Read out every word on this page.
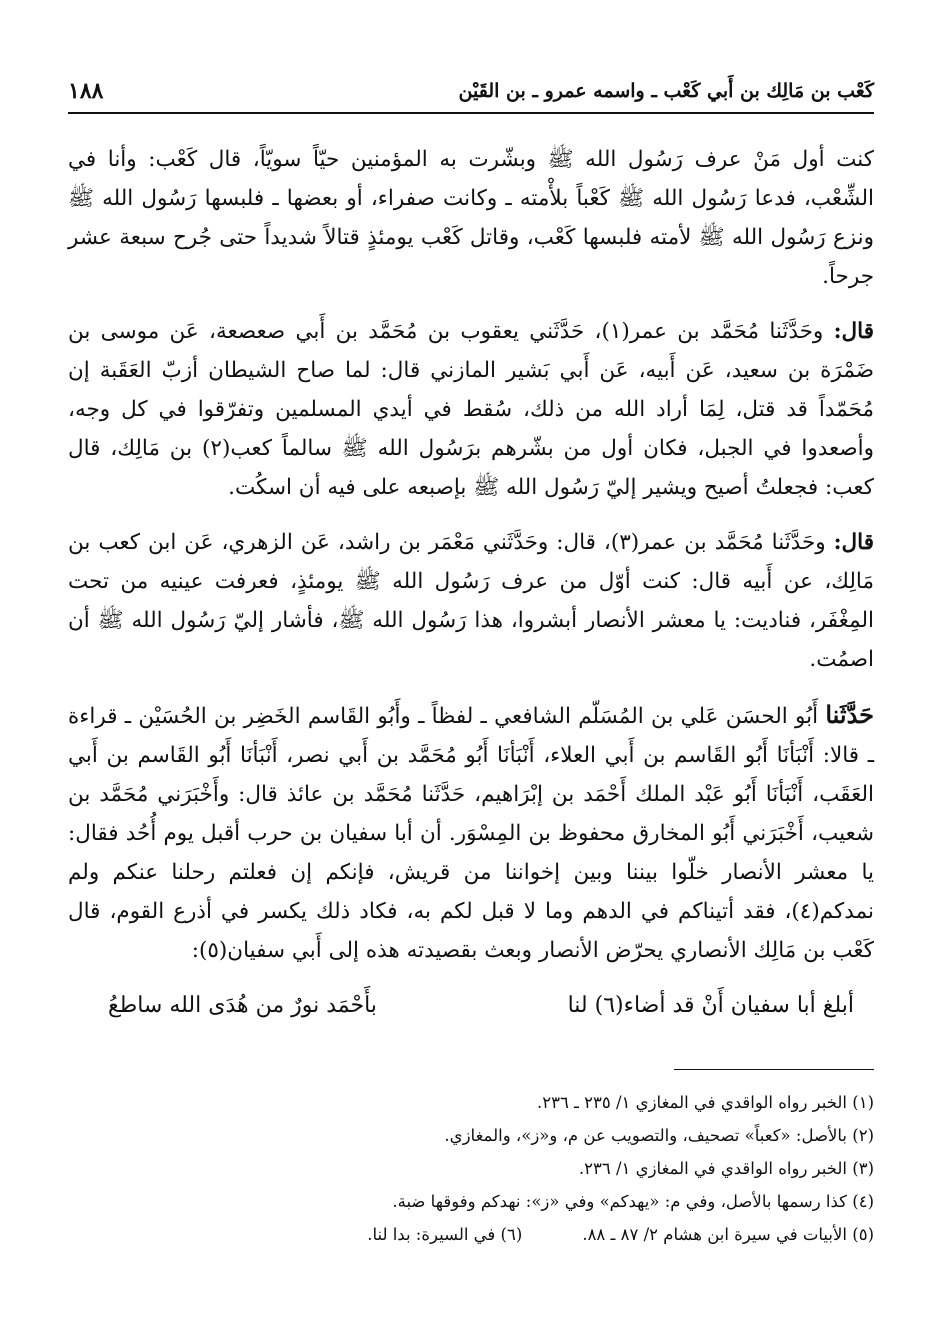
١٨٨	كَعْب بن مَالِك بن أَبي كَعْب ـ واسمه عمرو ـ بن القَيْن

كنت أول مَنْ عرف رَسُول الله ﷺ وبشّرت به المؤمنين حيّاً سويّاً، قال كَعْب: وأنا في الشِّعْب، فدعا رَسُول الله ﷺ كَعْباً بلأْمته ـ وكانت صفراء، أو بعضها ـ فلبسها رَسُول الله ﷺ ونزع رَسُول الله ﷺ لأمته فلبسها كَعْب، وقاتل كَعْب يومئذٍ قتالاً شديداً حتى جُرح سبعة عشر جرحاً.

قال: وحَدَّثَنا مُحَمَّد بن عمر(١)، حَدَّثَني يعقوب بن مُحَمَّد بن أَبي صعصعة، عَن موسى بن ضَمْرَة بن سعيد، عَن أَبيه، عَن أَبي بَشير المازني قال: لما صاح الشيطان أزبّ العَقَبة إن مُحَمّداً قد قتل، لِمَا أراد الله من ذلك، سُقط في أيدي المسلمين وتفرّقوا في كل وجه، وأصعدوا في الجبل، فكان أول من بشّرهم برَسُول الله ﷺ سالماً كعب(٢) بن مَالِك، قال كعب: فجعلتُ أصيح ويشير إليّ رَسُول الله ﷺ بإصبعه على فيه أن اسكُت.

قال: وحَدَّثَنا مُحَمَّد بن عمر(٣)، قال: وحَدَّثَني مَعْمَر بن راشد، عَن الزهري، عَن ابن كعب بن مَالِك، عن أَبيه قال: كنت أوّل من عرف رَسُول الله ﷺ يومئذٍ، فعرفت عينيه من تحت المِغْفَر، فناديت: يا معشر الأنصار أبشروا، هذا رَسُول الله ﷺ، فأشار إليّ رَسُول الله ﷺ أن اصمُت.

حَدَّثَنا أَبُو الحسَن عَلي بن المُسَلّم الشافعي ـ لفظاً ـ وأَبُو القَاسم الخَضِر بن الحُسَيْن ـ قراءة ـ قالا: أَنْبَأنَا أَبُو القَاسم بن أَبي العلاء، أَنْبَأنَا أَبُو مُحَمَّد بن أَبي نصر، أَنْبَأنَا أَبُو القَاسم بن أَبي العَقَب، أَنْبَأنَا أَبُو عَبْد الملك أَحْمَد بن إبْرَاهيم، حَدَّثَنا مُحَمَّد بن عائذ قال: وأَخْبَرَني مُحَمَّد بن شعيب، أَخْبَرَني أَبُو المخارق محفوظ بن المِسْوَر. أن أبا سفيان بن حرب أقبل يوم أُحُد فقال: يا معشر الأنصار خلّوا بيننا وبين إخواننا من قريش، فإنكم إن فعلتم رحلنا عنكم ولم نمدكم(٤)، فقد أتيناكم في الدهم وما لا قبل لكم به، فكاد ذلك يكسر في أذرع القوم، قال كَعْب بن مَالِك الأنصاري يحرّض الأنصار وبعث بقصيدته هذه إلى أَبي سفيان(٥):

أبلغ أبا سفيان أَنْ قد أضاء(٦) لنا
بأَحْمَد نورٌ من هُدَى الله ساطعُ
(١) الخبر رواه الواقدي في المغازي ١/ ٢٣٥ ـ ٢٣٦.
(٢) بالأصل: «كعباً» تصحيف، والتصويب عن م، و«ز»، والمغازي.
(٣) الخبر رواه الواقدي في المغازي ١/ ٢٣٦.
(٤) كذا رسمها بالأصل، وفي م: «يهدكم» وفي «ز»: نهدكم وفوقها ضبة.
(٥) الأبيات في سيرة ابن هشام ٢/ ٨٧ ـ ٨٨.
(٦) في السيرة: بدا لنا.
